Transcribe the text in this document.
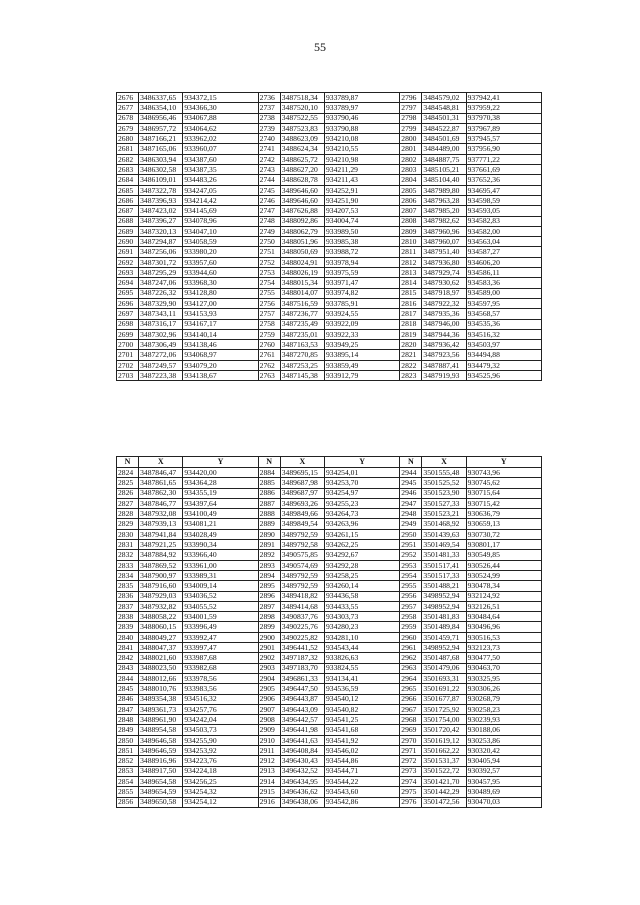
55
2676	3486337,65	934372,15	2736	3487518,34	933789,87	2796	3484579,02	937942,41
2677	3486354,10	934366,30	2737	3487520,10	933789,97	2797	3484548,81	937959,22
2678	3486956,46	934067,88	2738	3487522,55	933790,46	2798	3484501,31	937970,38
2679	3486957,72	934064,62	2739	3487523,83	933790,88	2799	3484522,87	937967,89
2680	3487166,21	933962,02	2740	3488623,09	934210,08	2800	3484501,69	937945,57
2681	3487165,06	933960,07	2741	3488624,34	934210,55	2801	3484489,00	937956,90
2682	3486303,94	934387,60	2742	3488625,72	934210,98	2802	3484887,75	937771,22
2683	3486302,58	934387,35	2743	3488627,20	934211,29	2803	3485105,21	937661,69
2684	3486109,01	934483,26	2744	3488628,78	934211,43	2804	3485104,40	937652,36
2685	3487322,78	934247,05	2745	3489646,60	934252,91	2805	3487989,80	934695,47
2686	3487396,93	934214,42	2746	3489646,60	934251,90	2806	3487963,28	934598,59
2687	3487423,02	934145,69	2747	3487626,88	934207,53	2807	3487985,20	934593,05
2688	3487396,27	934078,96	2748	3488092,86	934004,74	2808	3487982,62	934582,83
2689	3487320,13	934047,10	2749	3488062,79	933989,50	2809	3487960,96	934582,00
2690	3487294,87	934058,59	2750	3488051,96	933985,38	2810	3487960,07	934563,04
2691	3487256,06	933980,20	2751	3488050,69	933988,72	2811	3487951,40	934587,27
2692	3487301,72	933957,60	2752	3488024,91	933978,94	2812	3487936,80	934606,20
2693	3487295,29	933944,60	2753	3488026,19	933975,59	2813	3487929,74	934586,11
2694	3487247,06	933968,30	2754	3488015,34	933971,47	2814	3487930,62	934583,36
2695	3487226,32	934128,80	2755	3488014,07	933974,82	2815	3487918,97	934589,00
2696	3487329,90	934127,00	2756	3487516,59	933785,91	2816	3487922,32	934597,95
2697	3487343,11	934153,93	2757	3487236,77	933924,55	2817	3487935,36	934568,57
2698	3487316,17	934167,17	2758	3487235,49	933922,09	2818	3487946,00	934535,36
2699	3487302,96	934140,14	2759	3487235,01	933922,33	2819	3487944,36	934516,32
2700	3487306,49	934138,46	2760	3487163,53	933949,25	2820	3487936,42	934503,97
2701	3487272,06	934068,97	2761	3487270,85	933895,14	2821	3487923,56	934494,88
2702	3487249,57	934079,20	2762	3487253,25	933859,49	2822	3487887,41	934479,32
2703	3487223,38	934138,67	2763	3487145,38	933912,79	2823	3487919,93	934525,96
N	X	Y	N	X	Y	N	X	Y
2824	3487846,47	934420,00	2884	3489695,15	934254,01	2944	3501555,48	930743,96
2825	3487861,65	934364,28	2885	3489687,98	934253,70	2945	3501525,52	930745,62
2826	3487862,30	934355,19	2886	3489687,97	934254,97	2946	3501523,90	930715,64
2827	3487846,77	934397,64	2887	3489693,26	934255,23	2947	3501527,33	930715,42
2828	3487932,08	934100,49	2888	3489849,66	934264,73	2948	3501523,21	930636,79
2829	3487939,13	934081,21	2889	3489849,54	934263,96	2949	3501468,92	930659,13
2830	3487941,84	934028,49	2890	3489792,59	934261,15	2950	3501439,63	930730,72
2831	3487921,25	933990,34	2891	3489792,58	934262,25	2951	3501469,54	930801,17
2832	3487884,92	933966,40	2892	3490575,85	934292,67	2952	3501481,33	930549,85
2833	3487869,52	933961,00	2893	3490574,69	934292,28	2953	3501517,41	930526,44
2834	3487900,97	933989,31	2894	3489792,59	934258,25	2954	3501517,33	930524,99
2835	3487916,60	934009,14	2895	3489792,59	934260,14	2955	3501488,21	930478,34
2836	3487929,03	934036,52	2896	3489418,82	934436,58	2956	3498952,94	932124,92
2837	3487932,82	934055,52	2897	3489414,68	934433,55	2957	3498952,94	932126,51
2838	3488058,22	934001,59	2898	3490837,76	934303,73	2958	3501481,83	930484,64
2839	3488060,15	933996,49	2899	3490225,76	934280,23	2959	3501489,84	930496,96
2840	3488049,27	933992,47	2900	3490225,82	934281,10	2960	3501459,71	930516,53
2841	3488047,37	933997,47	2901	3496441,52	934543,44	2961	3498952,94	932123,73
2842	3488021,60	933987,68	2902	3497187,32	933826,63	2962	3501487,68	930477,50
2843	3488023,50	933982,68	2903	3497183,70	933824,55	2963	3501479,06	930463,70
2844	3488012,66	933978,56	2904	3496861,33	934134,41	2964	3501693,31	930325,95
2845	3488010,76	933983,56	2905	3496447,50	934536,59	2965	3501691,22	930306,26
2846	3489354,38	934516,32	2906	3496443,87	934540,12	2966	3501677,87	930268,79
2847	3489361,73	934257,76	2907	3496443,09	934540,82	2967	3501725,92	930258,23
2848	3488961,90	934242,04	2908	3496442,57	934541,25	2968	3501754,00	930239,93
2849	3488954,58	934503,73	2909	3496441,98	934541,68	2969	3501720,42	930188,06
2850	3489646,58	934255,90	2910	3496441,63	934541,92	2970	3501619,12	930253,86
2851	3489646,59	934253,92	2911	3496408,84	934546,02	2971	3501662,22	930320,42
2852	3488916,96	934223,76	2912	3496430,43	934544,86	2972	3501531,37	930405,94
2853	3488917,50	934224,18	2913	3496432,52	934544,71	2973	3501522,72	930392,57
2854	3489654,58	934256,25	2914	3496434,95	934544,22	2974	3501421,70	930457,95
2855	3489654,59	934254,32	2915	3496436,62	934543,60	2975	3501442,29	930489,69
2856	3489650,58	934254,12	2916	3496438,06	934542,86	2976	3501472,56	930470,03
